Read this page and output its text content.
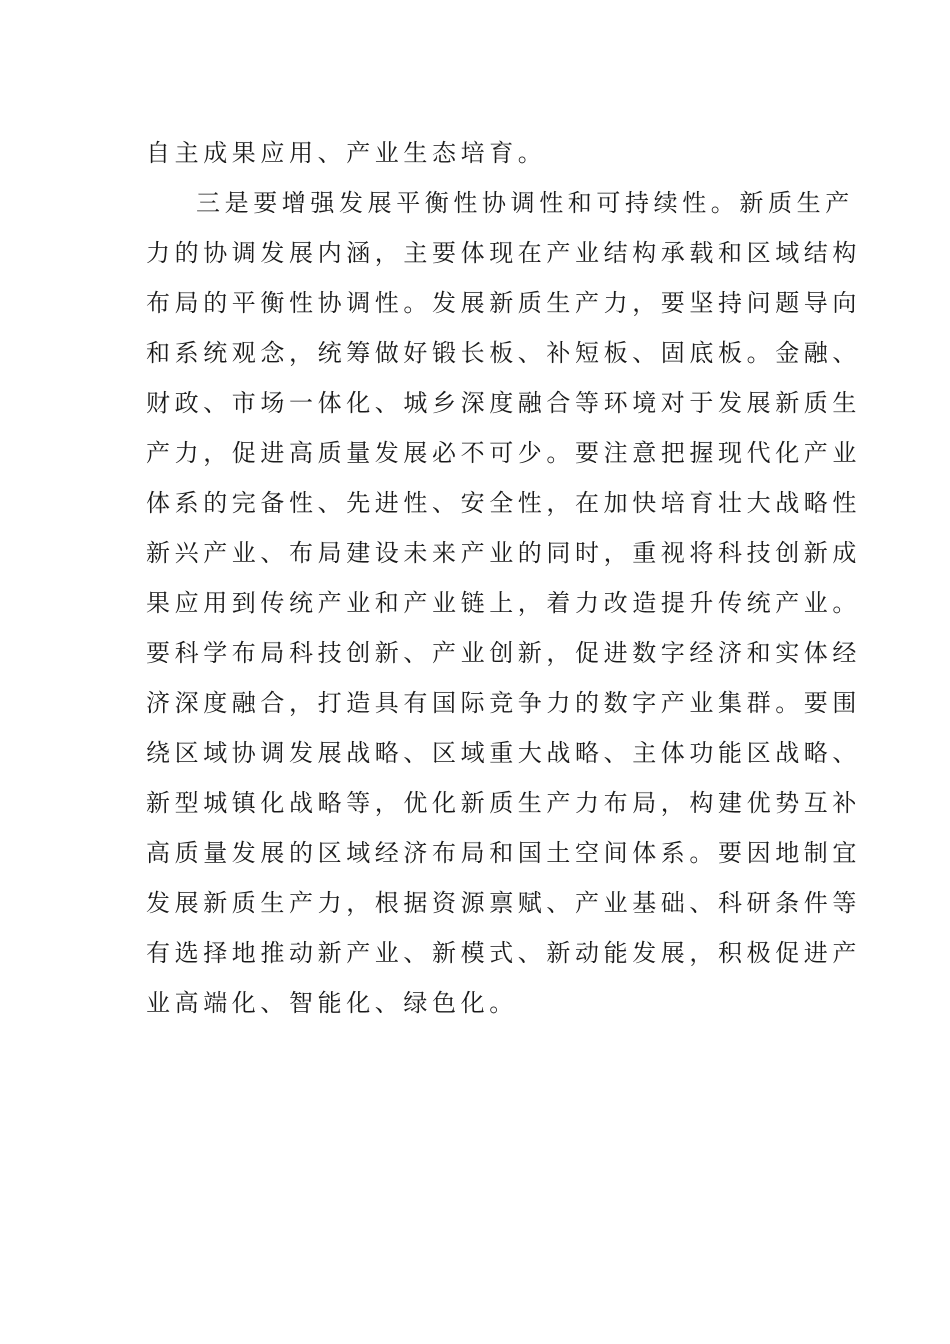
自主成果应用、产业生态培育。
三是要增强发展平衡性协调性和可持续性。新质生产
力的协调发展内涵，主要体现在产业结构承载和区域结构
布局的平衡性协调性。发展新质生产力，要坚持问题导向
和系统观念，统筹做好锻长板、补短板、固底板。金融、
财政、市场一体化、城乡深度融合等环境对于发展新质生
产力，促进高质量发展必不可少。要注意把握现代化产业
体系的完备性、先进性、安全性，在加快培育壮大战略性
新兴产业、布局建设未来产业的同时，重视将科技创新成
果应用到传统产业和产业链上，着力改造提升传统产业。
要科学布局科技创新、产业创新，促进数字经济和实体经
济深度融合，打造具有国际竞争力的数字产业集群。要围
绕区域协调发展战略、区域重大战略、主体功能区战略、
新型城镇化战略等，优化新质生产力布局，构建优势互补
高质量发展的区域经济布局和国土空间体系。要因地制宜
发展新质生产力，根据资源禀赋、产业基础、科研条件等
有选择地推动新产业、新模式、新动能发展，积极促进产
业高端化、智能化、绿色化。
